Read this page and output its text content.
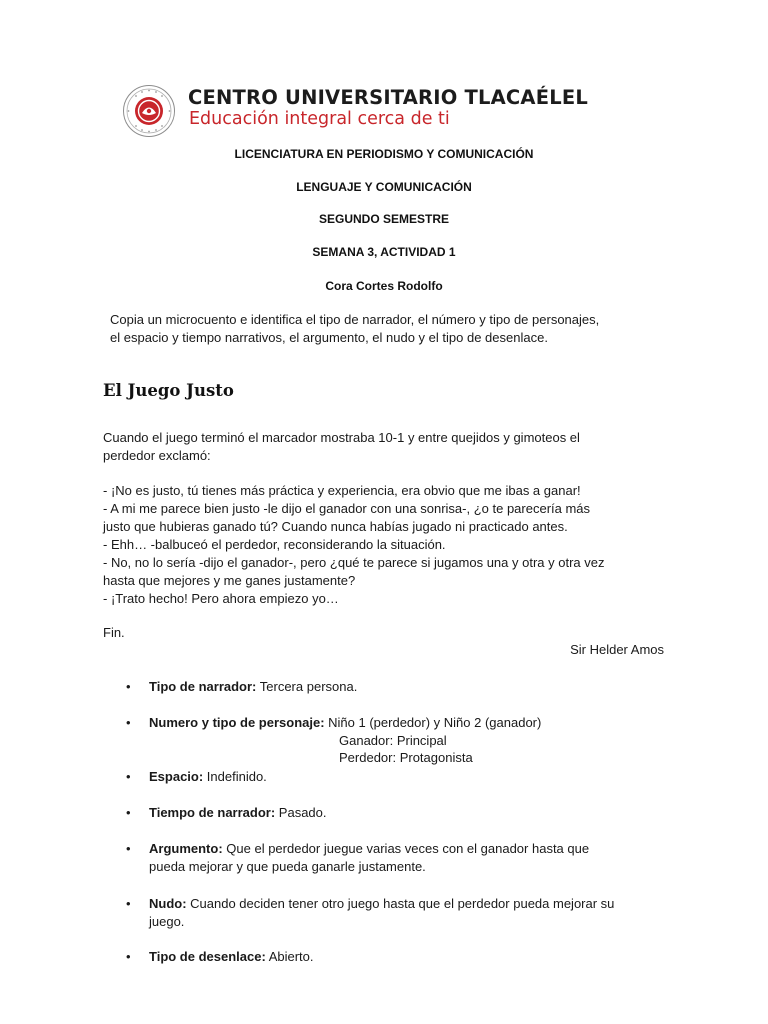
CENTRO UNIVERSITARIO TLACAÉLEL
Educación integral cerca de ti
LICENCIATURA EN PERIODISMO Y COMUNICACIÓN
LENGUAJE Y COMUNICACIÓN
SEGUNDO SEMESTRE
SEMANA 3, ACTIVIDAD 1
Cora Cortes Rodolfo
Copia un microcuento e identifica el tipo de narrador, el número y tipo de personajes,
el espacio y tiempo narrativos, el argumento, el nudo y el tipo de desenlace.
El Juego Justo
Cuando el juego terminó el marcador mostraba 10-1 y entre quejidos y gimoteos el
perdedor exclamó:
- ¡No es justo, tú tienes más práctica y experiencia, era obvio que me ibas a ganar!
- A mi me parece bien justo -le dijo el ganador con una sonrisa-, ¿o te parecería más
justo que hubieras ganado tú? Cuando nunca habías jugado ni practicado antes.
- Ehh… -balbuceó el perdedor, reconsiderando la situación.
- No, no lo sería -dijo el ganador-, pero ¿qué te parece si jugamos una y otra y otra vez
hasta que mejores y me ganes justamente?
- ¡Trato hecho! Pero ahora empiezo yo…
Fin.
Sir Helder Amos
• Tipo de narrador: Tercera persona.
• Numero y tipo de personaje: Niño 1 (perdedor) y Niño 2 (ganador)
Ganador: Principal
Perdedor: Protagonista
• Espacio: Indefinido.
• Tiempo de narrador: Pasado.
• Argumento: Que el perdedor juegue varias veces con el ganador hasta que
pueda mejorar y que pueda ganarle justamente.
• Nudo: Cuando deciden tener otro juego hasta que el perdedor pueda mejorar su
juego.
• Tipo de desenlace: Abierto.
